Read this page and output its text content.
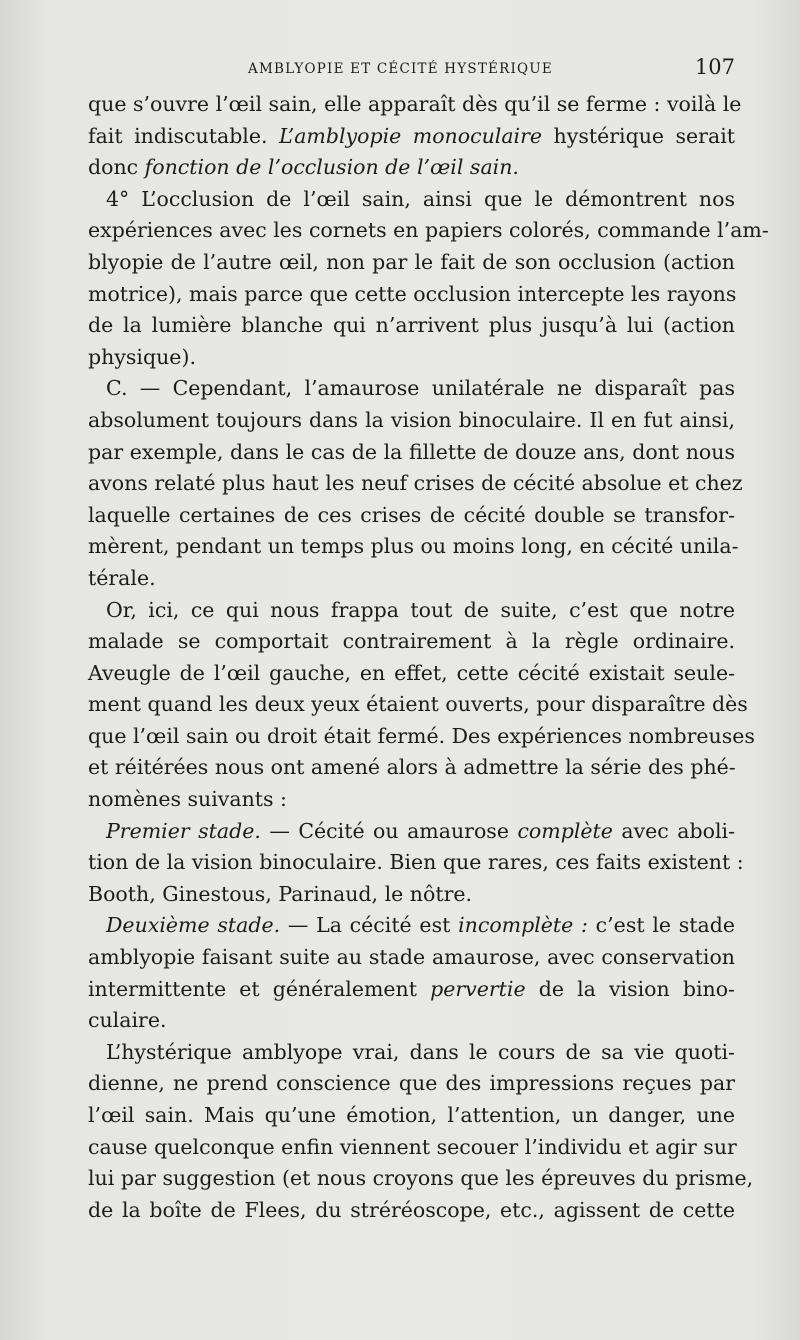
AMBLYOPIE ET CÉCITÉ HYSTÉRIQUE	107
que s’ouvre l’œil sain, elle apparaît dès qu’il se ferme : voilà le
fait indiscutable. L’amblyopie monoculaire hystérique serait
donc fonction de l’occlusion de l’œil sain.
4° L’occlusion de l’œil sain, ainsi que le démontrent nos
expériences avec les cornets en papiers colorés, commande l’am-
blyopie de l’autre œil, non par le fait de son occlusion (action
motrice), mais parce que cette occlusion intercepte les rayons
de la lumière blanche qui n’arrivent plus jusqu’à lui (action
physique).
C. — Cependant, l’amaurose unilatérale ne disparaît pas
absolument toujours dans la vision binoculaire. Il en fut ainsi,
par exemple, dans le cas de la fillette de douze ans, dont nous
avons relaté plus haut les neuf crises de cécité absolue et chez
laquelle certaines de ces crises de cécité double se transfor-
mèrent, pendant un temps plus ou moins long, en cécité unila-
térale.
Or, ici, ce qui nous frappa tout de suite, c’est que notre
malade se comportait contrairement à la règle ordinaire.
Aveugle de l’œil gauche, en effet, cette cécité existait seule-
ment quand les deux yeux étaient ouverts, pour disparaître dès
que l’œil sain ou droit était fermé. Des expériences nombreuses
et réitérées nous ont amené alors à admettre la série des phé-
nomènes suivants :
Premier stade. — Cécité ou amaurose complète avec aboli-
tion de la vision binoculaire. Bien que rares, ces faits existent :
Booth, Ginestous, Parinaud, le nôtre.
Deuxième stade. — La cécité est incomplète : c’est le stade
amblyopie faisant suite au stade amaurose, avec conservation
intermittente et généralement pervertie de la vision bino-
culaire.
L’hystérique amblyope vrai, dans le cours de sa vie quoti-
dienne, ne prend conscience que des impressions reçues par
l’œil sain. Mais qu’une émotion, l’attention, un danger, une
cause quelconque enfin viennent secouer l’individu et agir sur
lui par suggestion (et nous croyons que les épreuves du prisme,
de la boîte de Flees, du stréréoscope, etc., agissent de cette
